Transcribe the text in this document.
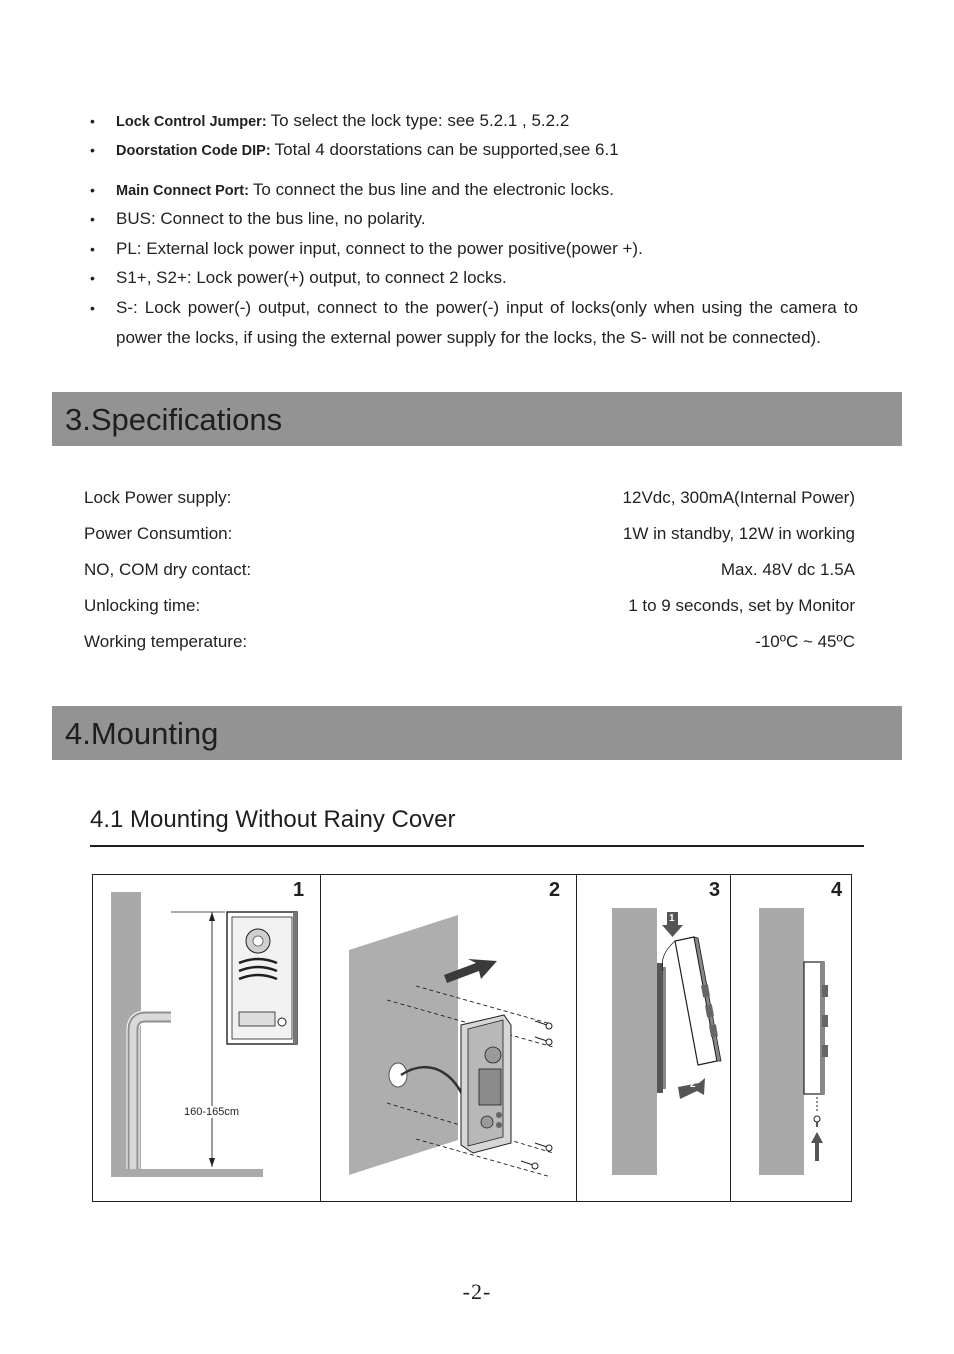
• Lock Control Jumper: To select the lock type: see 5.2.1 , 5.2.2
• Doorstation Code DIP: Total 4 doorstations can be supported,see 6.1
• Main Connect Port: To connect the bus line and the electronic locks.
• BUS: Connect to the bus line, no polarity.
• PL: External lock power input, connect to the power positive(power +).
• S1+, S2+: Lock power(+) output, to connect 2 locks.
• S-: Lock power(-) output, connect to the power(-) input of locks(only when using the camera to power the locks, if using the external power supply for the locks, the S- will not be connected).
3.Specifications
Lock Power supply:	12Vdc, 300mA(Internal Power)
Power Consumtion:	1W in standby, 12W in working
NO, COM dry contact:	Max. 48V dc 1.5A
Unlocking time:	1 to 9 seconds, set by Monitor
Working temperature:	-10ºC ~ 45ºC
4.Mounting
4.1 Mounting Without Rainy Cover
1
160-165cm
2	3
1
2
4
-2-
